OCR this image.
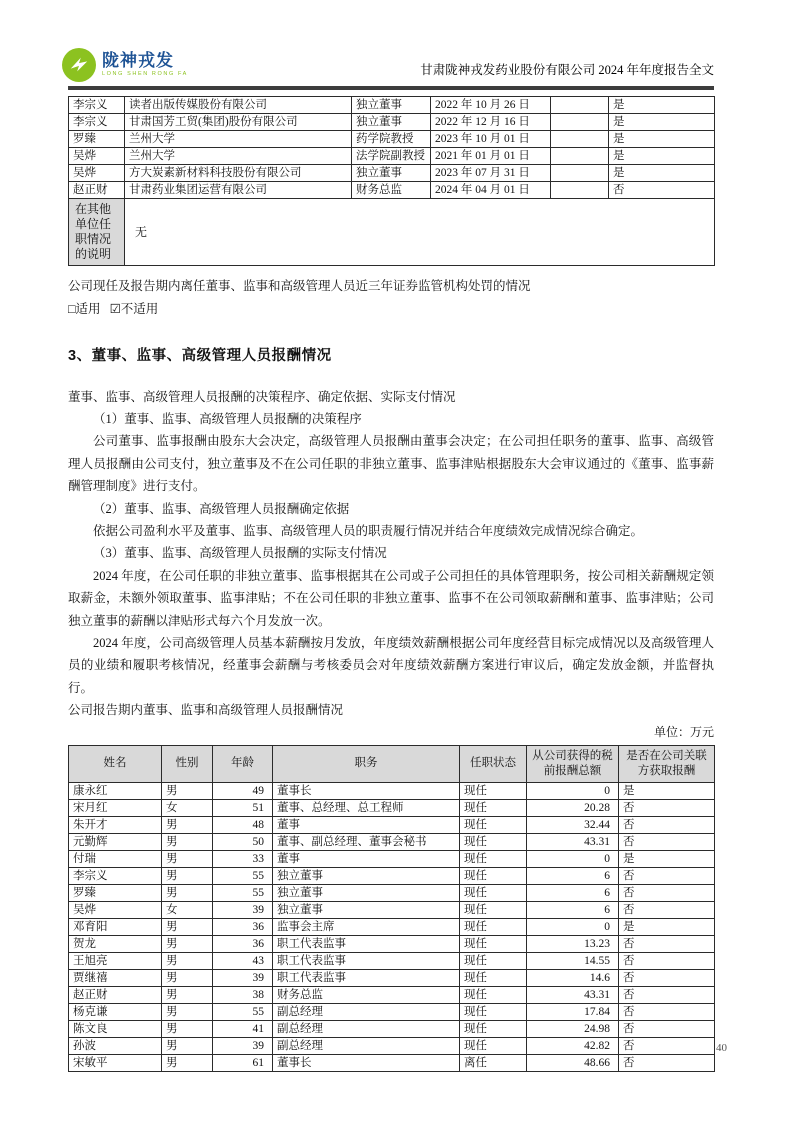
陇神戎发
LONG SHEN RONG FA	甘肃陇神戎发药业股份有限公司 2024 年年度报告全文
李宗义	读者出版传媒股份有限公司	独立董事	2022 年 10 月 26 日		是
李宗义	甘肃国芳工贸(集团)股份有限公司	独立董事	2022 年 12 月 16 日		是
罗臻	兰州大学	药学院教授	2023 年 10 月 01 日		是
吴烨	兰州大学	法学院副教授	2021 年 01 月 01 日		是
吴烨	方大炭素新材料科技股份有限公司	独立董事	2023 年 07 月 31 日		是
赵正财	甘肃药业集团运营有限公司	财务总监	2024 年 04 月 01 日		否
在其他单位任职情况的说明	无				
公司现任及报告期内离任董事、监事和高级管理人员近三年证券监管机构处罚的情况
□适用 ☑不适用
3、董事、监事、高级管理人员报酬情况

董事、监事、高级管理人员报酬的决策程序、确定依据、实际支付情况

（1）董事、监事、高级管理人员报酬的决策程序

公司董事、监事报酬由股东大会决定，高级管理人员报酬由董事会决定；在公司担任职务的董事、监事、高级管理人员报酬由公司支付，独立董事及不在公司任职的非独立董事、监事津贴根据股东大会审议通过的《董事、监事薪酬管理制度》进行支付。

（2）董事、监事、高级管理人员报酬确定依据

依据公司盈利水平及董事、监事、高级管理人员的职责履行情况并结合年度绩效完成情况综合确定。

（3）董事、监事、高级管理人员报酬的实际支付情况

2024 年度，在公司任职的非独立董事、监事根据其在公司或子公司担任的具体管理职务，按公司相关薪酬规定领取薪金，未额外领取董事、监事津贴；不在公司任职的非独立董事、监事不在公司领取薪酬和董事、监事津贴；公司独立董事的薪酬以津贴形式每六个月发放一次。

2024 年度，公司高级管理人员基本薪酬按月发放，年度绩效薪酬根据公司年度经营目标完成情况以及高级管理人员的业绩和履职考核情况，经董事会薪酬与考核委员会对年度绩效薪酬方案进行审议后，确定发放金额，并监督执行。

公司报告期内董事、监事和高级管理人员报酬情况

单位：万元
姓名	性别	年龄	职务	任职状态	从公司获得的税前报酬总额	是否在公司关联方获取报酬
康永红	男	49	董事长	现任	0	是
宋月红	女	51	董事、总经理、总工程师	现任	20.28	否
朱开才	男	48	董事	现任	32.44	否
元勤辉	男	50	董事、副总经理、董事会秘书	现任	43.31	否
付瑞	男	33	董事	现任	0	是
李宗义	男	55	独立董事	现任	6	否
罗臻	男	55	独立董事	现任	6	否
吴烨	女	39	独立董事	现任	6	否
邓育阳	男	36	监事会主席	现任	0	是
贺龙	男	36	职工代表监事	现任	13.23	否
王旭亮	男	43	职工代表监事	现任	14.55	否
贾继禧	男	39	职工代表监事	现任	14.6	否
赵正财	男	38	财务总监	现任	43.31	否
杨克谦	男	55	副总经理	现任	17.84	否
陈文良	男	41	副总经理	现任	24.98	否
孙波	男	39	副总经理	现任	42.82	否
宋敏平	男	61	董事长	离任	48.66	否
40
